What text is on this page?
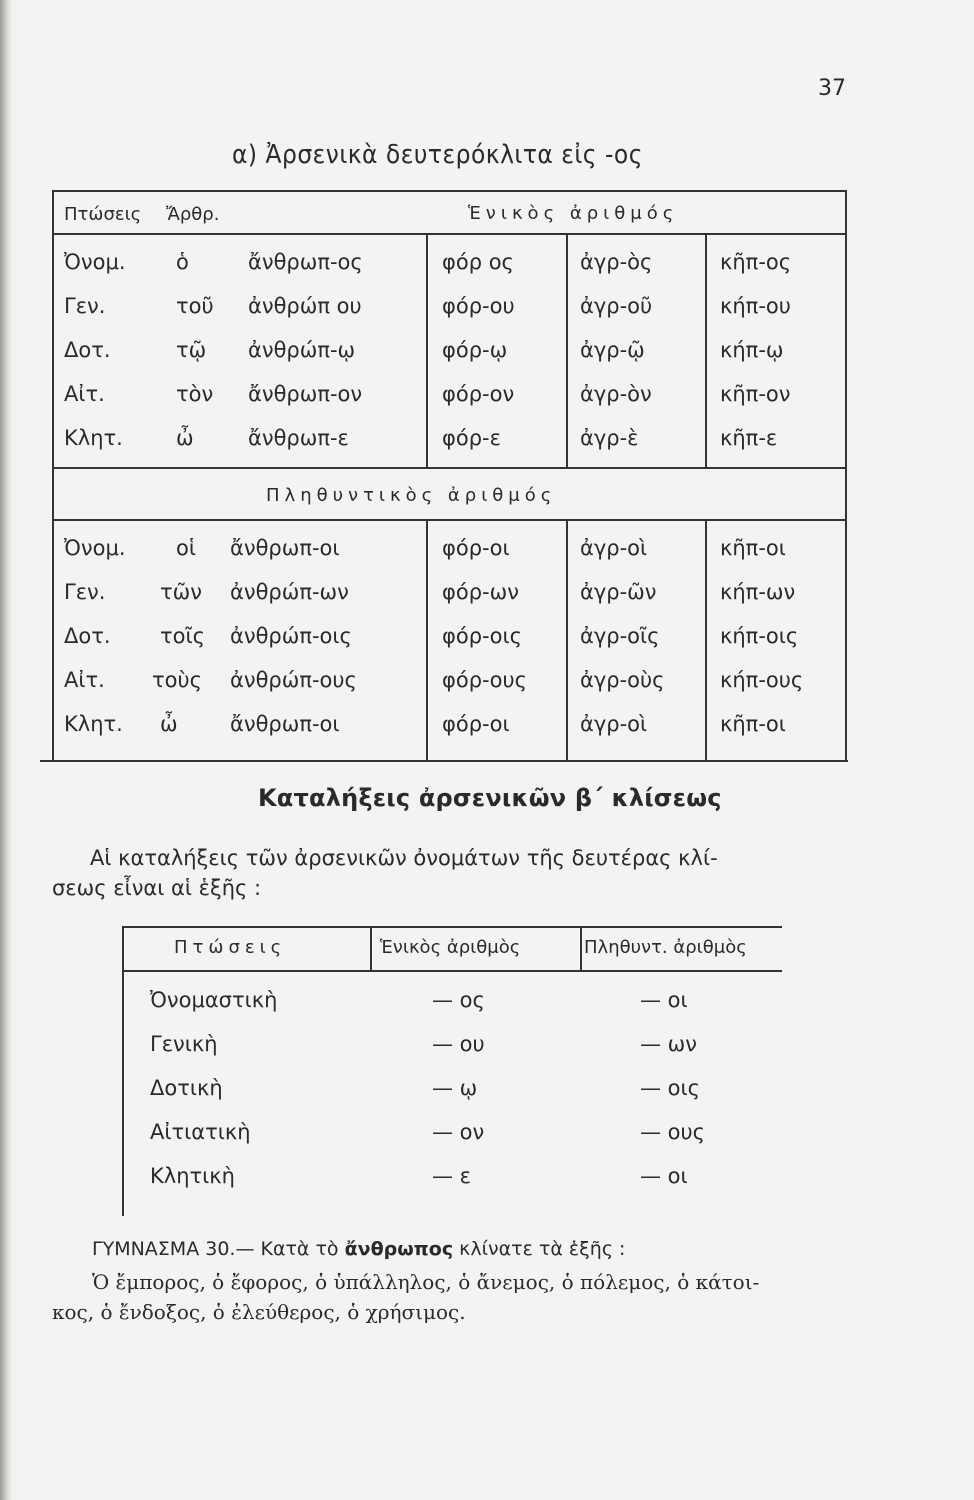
37
α) Ἀρσενικὰ δευτερόκλιτα εἰς -ος
Πτώσεις Ἄρθρ.	Ἑνικὸς ἀριθμός
Πληθυντικὸς ἀριθμός
Ὀνομ. ὁ	ἄνθρωπ-ος	φόρ ος	ἀγρ-ὸς	κῆπ-ος
Γεν.	τοῦ ἀνθρώπ ου	φόρ-ου	ἀγρ-οῦ	κήπ-ου
Δοτ.	τῷ ἀνθρώπ-ῳ	φόρ-ῳ	ἀγρ-ῷ	κήπ-ῳ
Αἰτ.	τὸν ἄνθρωπ-ον	φόρ-ον	ἀγρ-ὸν	κῆπ-ον
Κλητ.	ὦ	ἄνθρωπ-ε	φόρ-ε	ἀγρ-ὲ	κῆπ-ε
Ὀνομ. οἱ ἄνθρωπ-οι	φόρ-οι	ἀγρ-οὶ	κῆπ-οι
Γεν.	τῶν ἀνθρώπ-ων	φόρ-ων	ἀγρ-ῶν	κήπ-ων
Δοτ. τοῖς ἀνθρώπ-οις	φόρ-οις	ἀγρ-οῖς	κήπ-οις
Αἰτ. τοὺς ἀνθρώπ-ους	φόρ-ους	ἀγρ-οὺς	κήπ-ους
Κλητ. ὦ ἄνθρωπ-οι	φόρ-οι	ἀγρ-οὶ	κῆπ-οι
Καταλήξεις ἀρσενικῶν β΄ κλίσεως
Αἱ καταλήξεις τῶν ἀρσενικῶν ὀνομάτων τῆς δευτέρας κλί-
σεως εἶναι αἱ ἑξῆς :
Πτώσεις	Ἑνικὸς ἀριθμὸς	Πληθυντ. ἀριθμὸς
Ὀνομαστικὴ	— ος	— οι
Γενικὴ	— ου	— ων
Δοτικὴ	— ῳ	— οις
Αἰτιατικὴ	— ον	— ους
Κλητικὴ	— ε	— οι
ΓΥΜΝΑΣΜΑ 30.— Κατὰ τὸ ἄνθρωπος κλίνατε τὰ ἑξῆς :
Ὁ ἔμπορος, ὁ ἔφορος, ὁ ὑπάλληλος, ὁ ἄνεμος, ὁ πόλεμος, ὁ κάτοι-
κος, ὁ ἔνδοξος, ὁ ἐλεύθερος, ὁ χρήσιμος.
